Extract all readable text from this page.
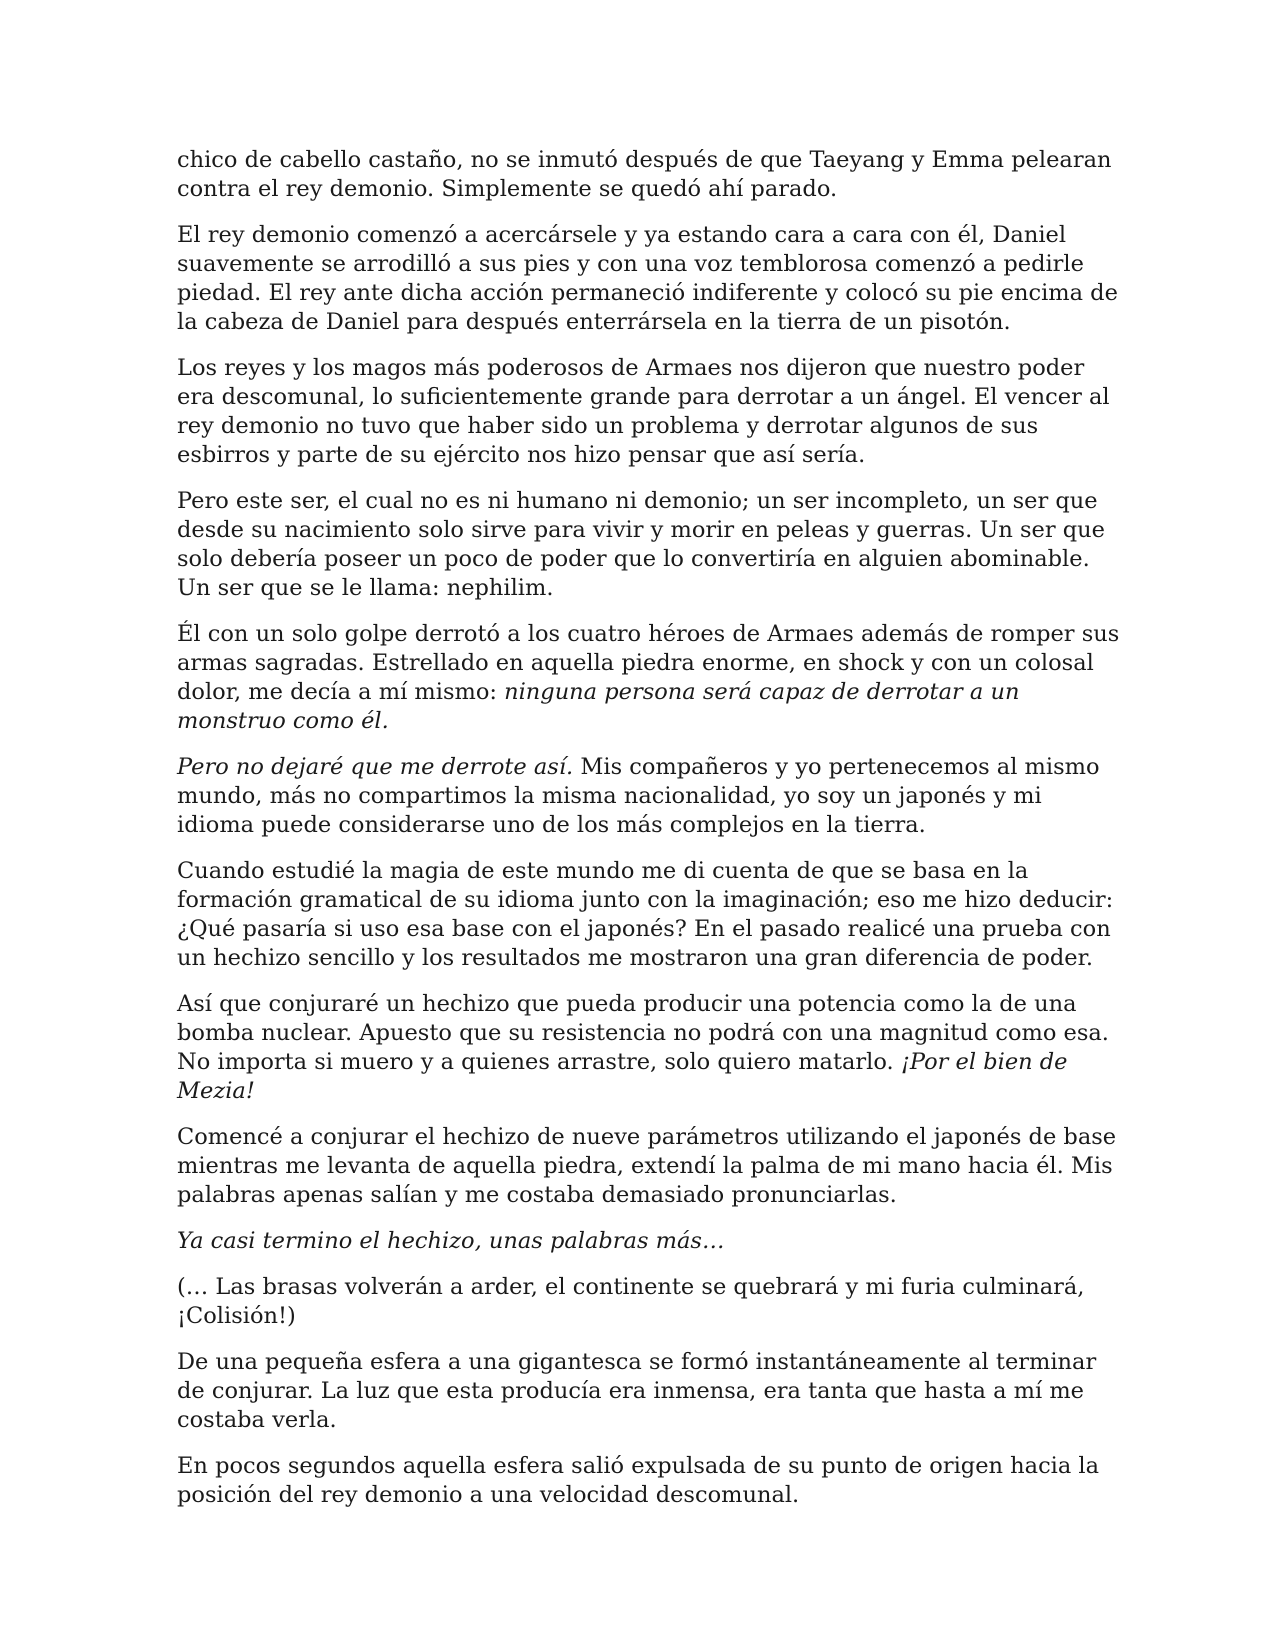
chico de cabello castaño, no se inmutó después de que Taeyang y Emma pelearan
contra el rey demonio. Simplemente se quedó ahí parado.

El rey demonio comenzó a acercársele y ya estando cara a cara con él, Daniel
suavemente se arrodilló a sus pies y con una voz temblorosa comenzó a pedirle
piedad. El rey ante dicha acción permaneció indiferente y colocó su pie encima de
la cabeza de Daniel para después enterrársela en la tierra de un pisotón.

Los reyes y los magos más poderosos de Armaes nos dijeron que nuestro poder
era descomunal, lo suficientemente grande para derrotar a un ángel. El vencer al
rey demonio no tuvo que haber sido un problema y derrotar algunos de sus
esbirros y parte de su ejército nos hizo pensar que así sería.

Pero este ser, el cual no es ni humano ni demonio; un ser incompleto, un ser que
desde su nacimiento solo sirve para vivir y morir en peleas y guerras. Un ser que
solo debería poseer un poco de poder que lo convertiría en alguien abominable.
Un ser que se le llama: nephilim.

Él con un solo golpe derrotó a los cuatro héroes de Armaes además de romper sus
armas sagradas. Estrellado en aquella piedra enorme, en shock y con un colosal
dolor, me decía a mí mismo: ninguna persona será capaz de derrotar a un
monstruo como él.

Pero no dejaré que me derrote así. Mis compañeros y yo pertenecemos al mismo
mundo, más no compartimos la misma nacionalidad, yo soy un japonés y mi
idioma puede considerarse uno de los más complejos en la tierra.

Cuando estudié la magia de este mundo me di cuenta de que se basa en la
formación gramatical de su idioma junto con la imaginación; eso me hizo deducir:
¿Qué pasaría si uso esa base con el japonés? En el pasado realicé una prueba con
un hechizo sencillo y los resultados me mostraron una gran diferencia de poder.

Así que conjuraré un hechizo que pueda producir una potencia como la de una
bomba nuclear. Apuesto que su resistencia no podrá con una magnitud como esa.
No importa si muero y a quienes arrastre, solo quiero matarlo. ¡Por el bien de
Mezia!

Comencé a conjurar el hechizo de nueve parámetros utilizando el japonés de base
mientras me levanta de aquella piedra, extendí la palma de mi mano hacia él. Mis
palabras apenas salían y me costaba demasiado pronunciarlas.

Ya casi termino el hechizo, unas palabras más…

(… Las brasas volverán a arder, el continente se quebrará y mi furia culminará,
¡Colisión!)

De una pequeña esfera a una gigantesca se formó instantáneamente al terminar
de conjurar. La luz que esta producía era inmensa, era tanta que hasta a mí me
costaba verla.

En pocos segundos aquella esfera salió expulsada de su punto de origen hacia la
posición del rey demonio a una velocidad descomunal.
